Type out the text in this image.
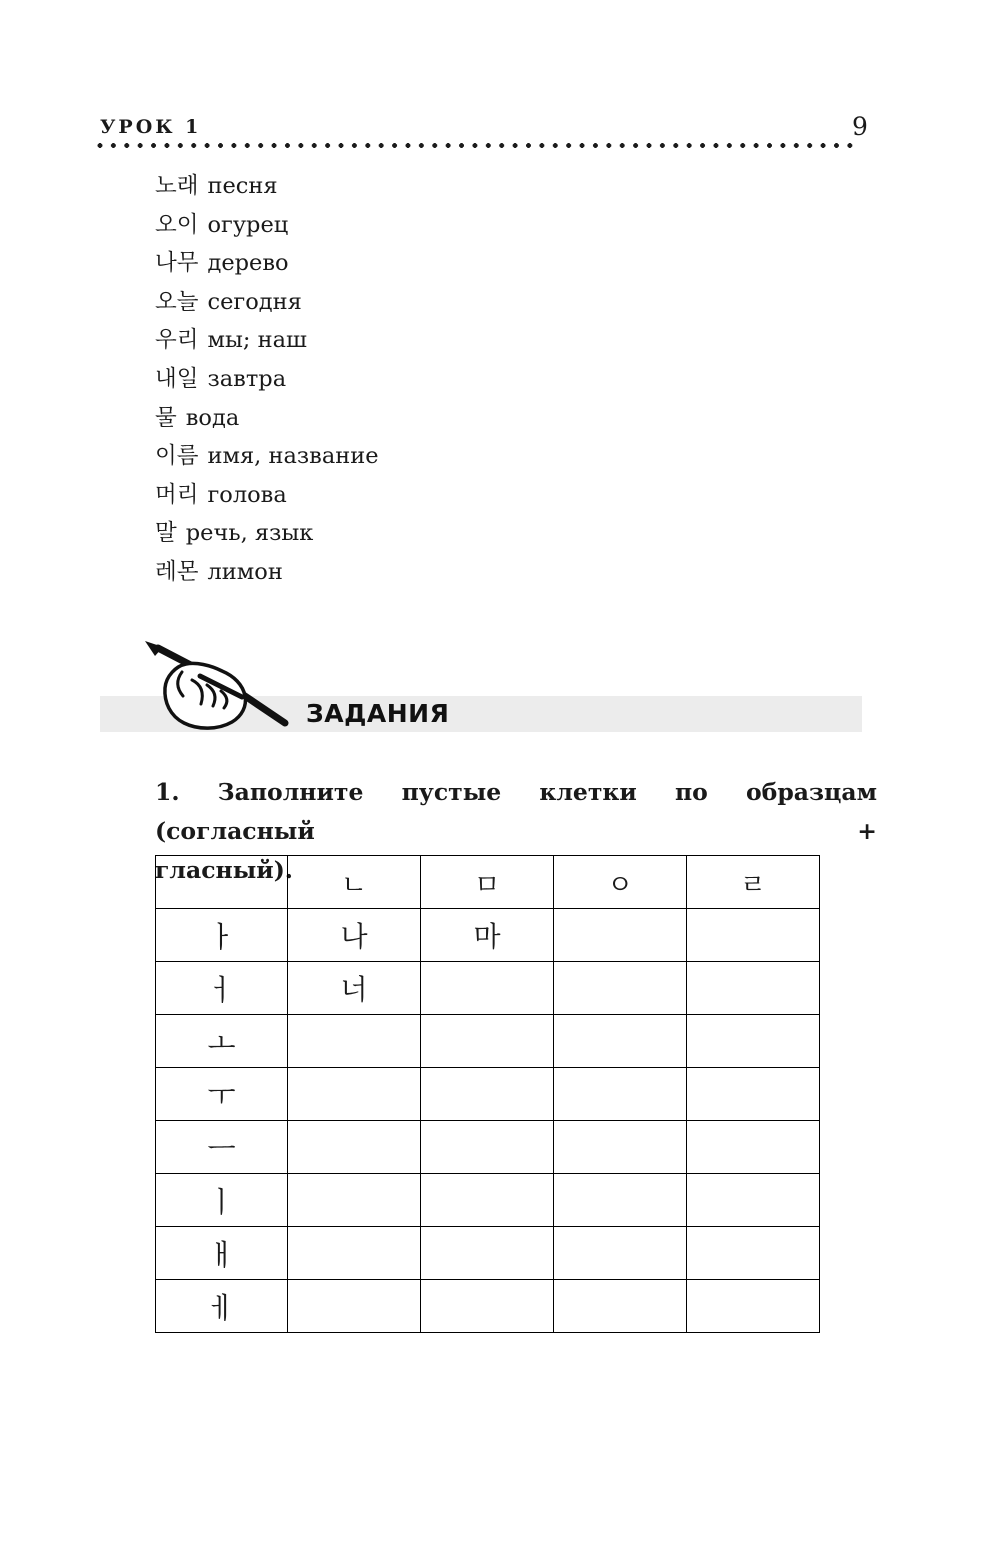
УРОК 1	9
노래 песня
오이 огурец
나무 дерево
오늘 сегодня
우리 мы; наш
내일 завтра
물 вода
이름 имя, название
머리 голова
말 речь, язык
레몬 лимон
ЗАДАНИЯ
1. Заполните пустые клетки по образцам (согласный +
гласный).
		ㄴ	ㅁ	ㅇ	ㄹ
ㅏ	나	마		
ㅓ	너			
ㅗ				
ㅜ				
ㅡ				
ㅣ				
ㅐ				
ㅔ				
